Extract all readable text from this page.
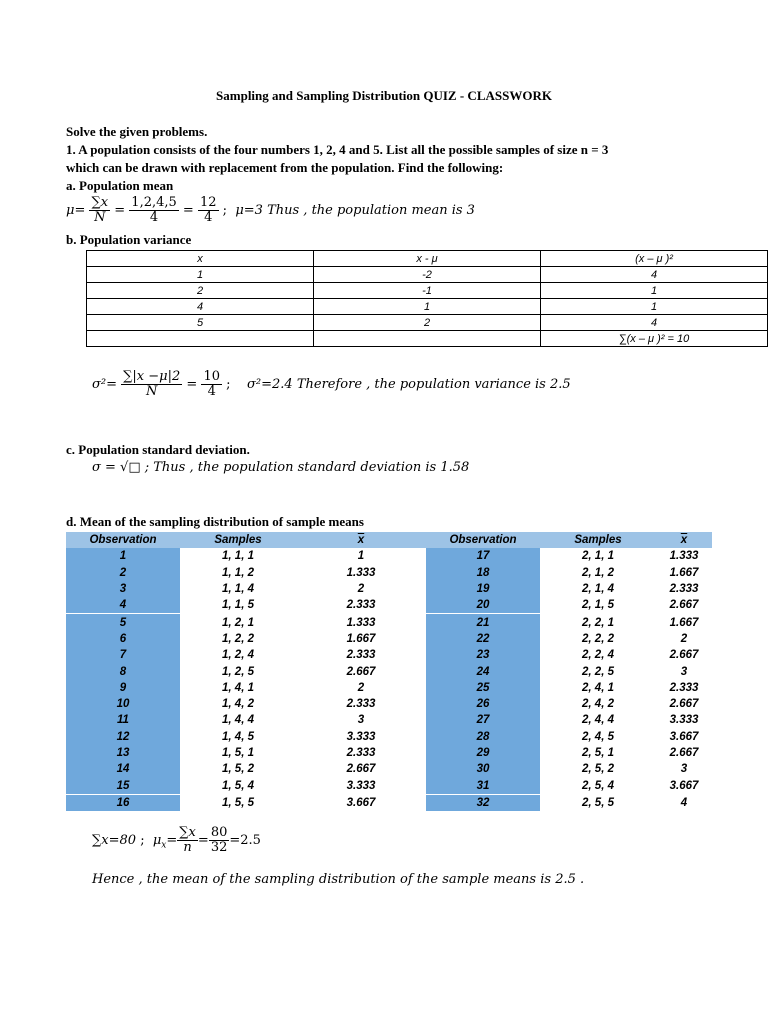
Sampling and Sampling Distribution QUIZ - CLASSWORK
Solve the given problems.
1. A population consists of the four numbers 1, 2, 4 and 5. List all the possible samples of size n = 3
which can be drawn with replacement from the population. Find the following:
a. Population mean
$\mu= \frac{\sum x}{N} = \frac{1,2,4,5}{4} = \frac{12}{4}$ ; μ=3 Thus , the population mean is 3
b. Population variance
x	x - μ	(x – μ )²
1	-2	4
2	-1	1
4	1	1
5	2	4
		∑(x – μ )² = 10
$\sigma^2= \frac{\sum|x -\mu|2}{N} = \frac{10}{4}$ ; σ²=2.4 Therefore , the population variance is 2.5
c. Population standard deviation.
σ = √□ ; Thus , the population standard deviation is 1.58
d. Mean of the sampling distribution of sample means
Observation	Samples	$\overline{x}$	Observation	Samples	$\overline{x}$
1	1, 1, 1	1	17	2, 1, 1	1.333
2	1, 1, 2	1.333	18	2, 1, 2	1.667
3	1, 1, 4	2	19	2, 1, 4	2.333
4	1, 1, 5	2.333	20	2, 1, 5	2.667
5	1, 2, 1	1.333	21	2, 2, 1	1.667
6	1, 2, 2	1.667	22	2, 2, 2	2
7	1, 2, 4	2.333	23	2, 2, 4	2.667
8	1, 2, 5	2.667	24	2, 2, 5	3
9	1, 4, 1	2	25	2, 4, 1	2.333
10	1, 4, 2	2.333	26	2, 4, 2	2.667
11	1, 4, 4	3	27	2, 4, 4	3.333
12	1, 4, 5	3.333	28	2, 4, 5	3.667
13	1, 5, 1	2.333	29	2, 5, 1	2.667
14	1, 5, 2	2.667	30	2, 5, 2	3
15	1, 5, 4	3.333	31	2, 5, 4	3.667
16	1, 5, 5	3.667	32	2, 5, 5	4
∑x=80 ; $\mu_x= \frac{\sum x}{n} = \frac{80}{32} =2.5$
Hence , the mean of the sampling distribution of the sample means is 2.5 .
